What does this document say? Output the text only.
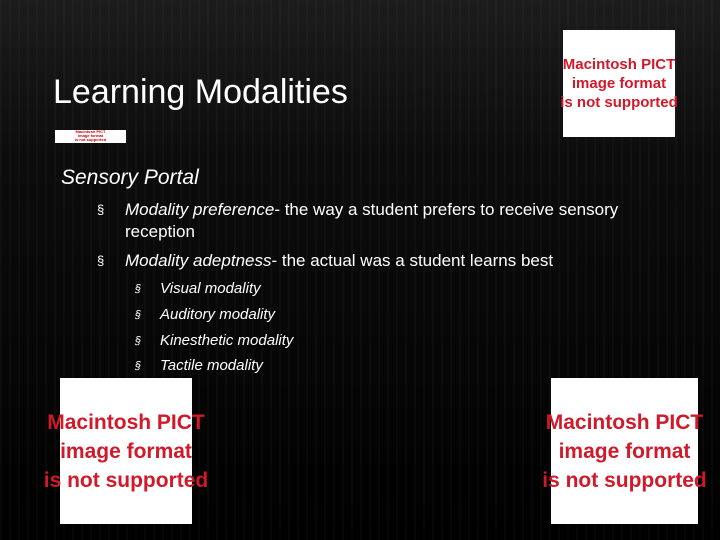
Learning Modalities
Macintosh PICT
image format
is not supported
Macintosh PICT
image format
is not supported
Sensory Portal
§ Modality preference- the way a student prefers to receive sensory reception
§ Modality adeptness- the actual was a student learns best
§ Visual modality
§ Auditory modality
§ Kinesthetic modality
§ Tactile modality
Macintosh PICT
image format
is not supported
Macintosh PICT
image format
is not supported
